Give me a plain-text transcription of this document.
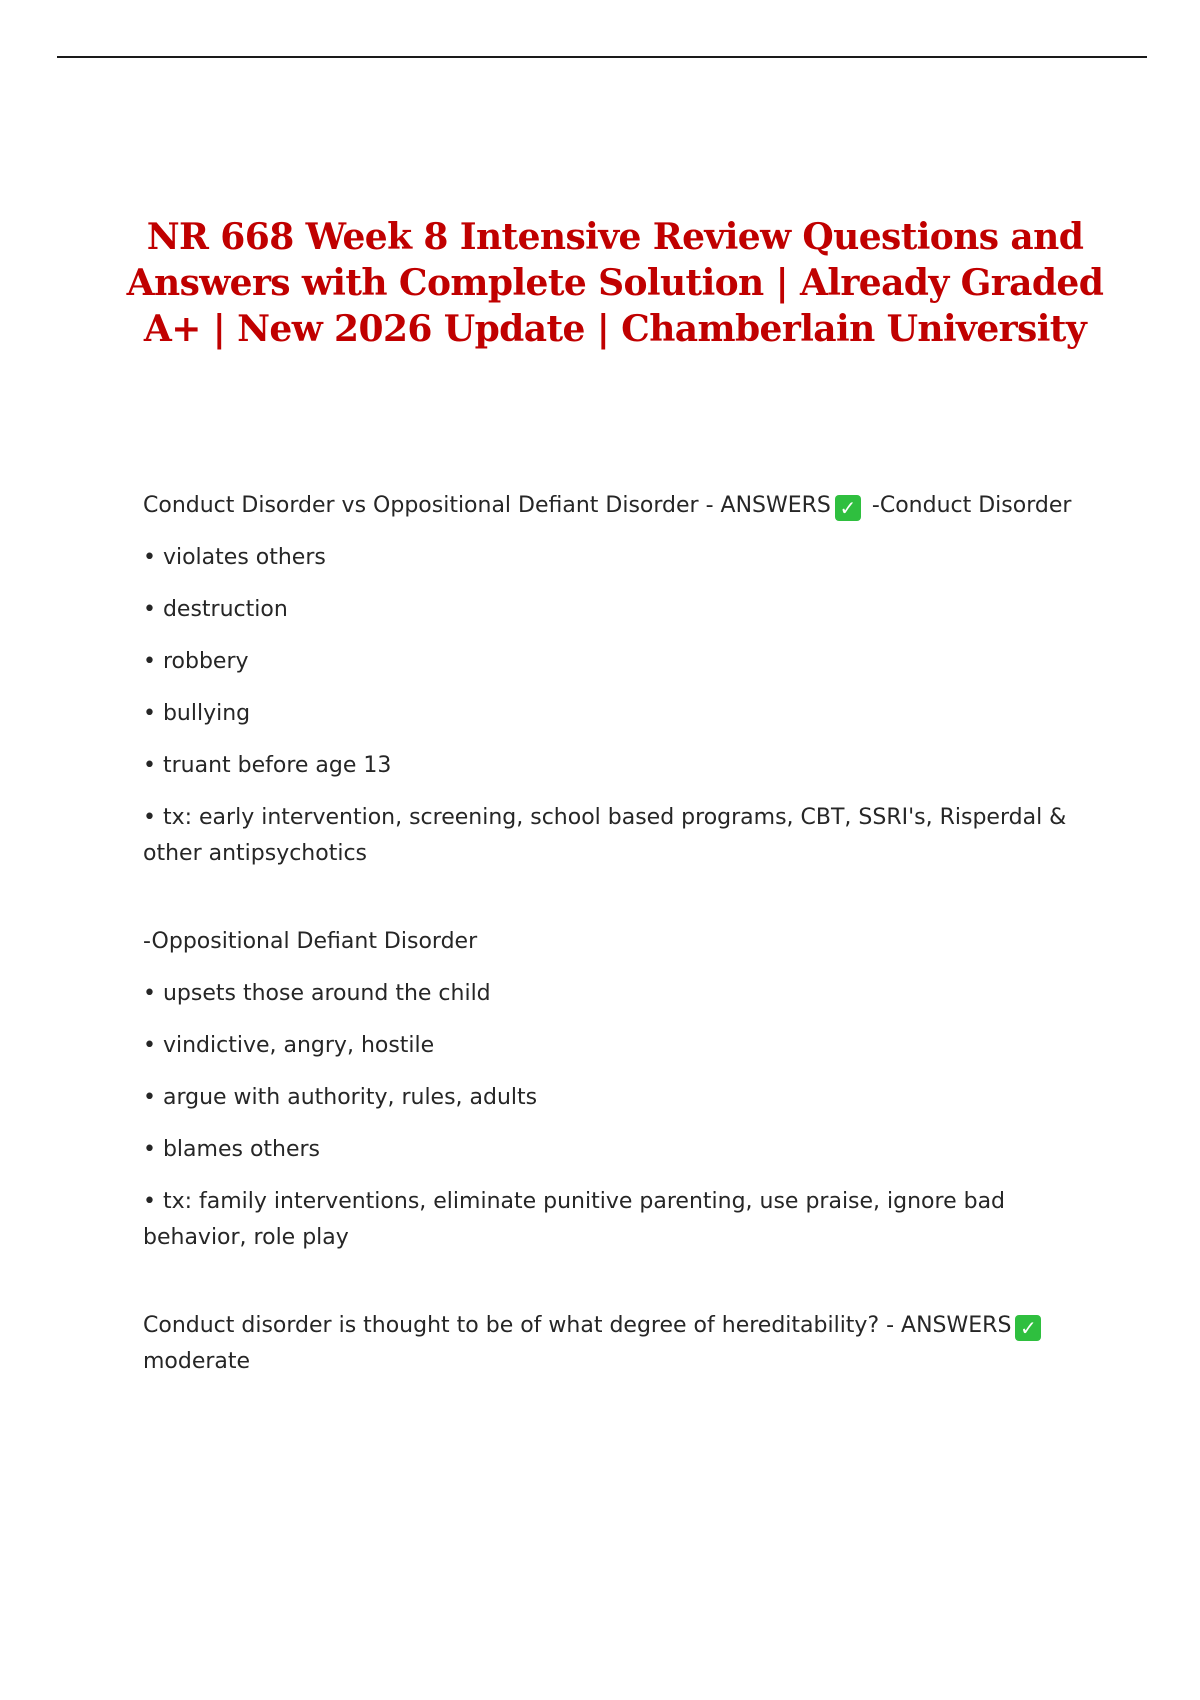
NR 668 Week 8 Intensive Review Questions and Answers with Complete Solution | Already Graded A+ | New 2026 Update | Chamberlain University

Conduct Disorder vs Oppositional Defiant Disorder - ANSWERS ✓ -Conduct Disorder

• violates others

• destruction

• robbery

• bullying

• truant before age 13

• tx: early intervention, screening, school based programs, CBT, SSRI's, Risperdal & other antipsychotics

-Oppositional Defiant Disorder

• upsets those around the child

• vindictive, angry, hostile

• argue with authority, rules, adults

• blames others

• tx: family interventions, eliminate punitive parenting, use praise, ignore bad behavior, role play

Conduct disorder is thought to be of what degree of hereditability? - ANSWERS ✓
moderate
